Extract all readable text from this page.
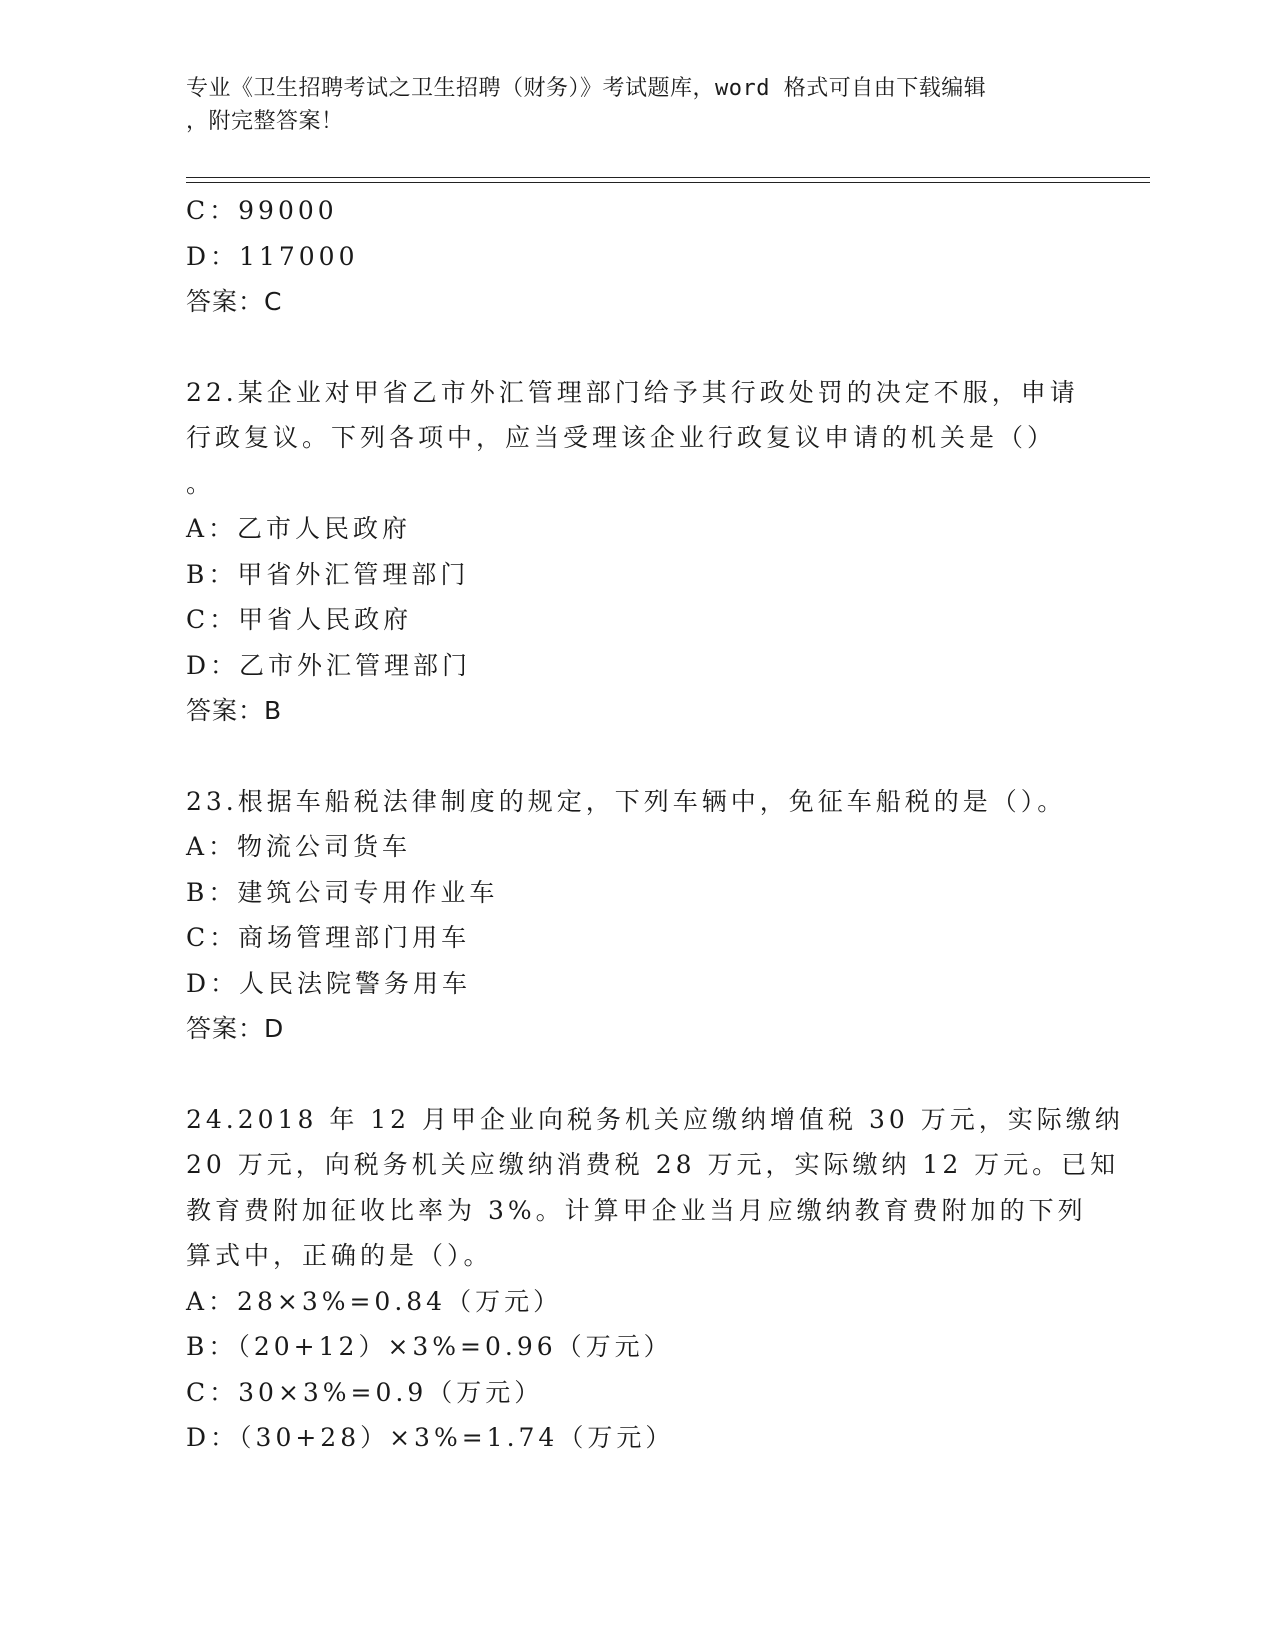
专业《卫生招聘考试之卫生招聘（财务）》考试题库，word 格式可自由下载编辑
，附完整答案！
C：99000
D：117000
答案：C
22.某企业对甲省乙市外汇管理部门给予其行政处罚的决定不服，申请
行政复议。下列各项中，应当受理该企业行政复议申请的机关是（）
。
A：乙市人民政府
B：甲省外汇管理部门
C：甲省人民政府
D：乙市外汇管理部门
答案：B
23.根据车船税法律制度的规定，下列车辆中，免征车船税的是（）。
A：物流公司货车
B：建筑公司专用作业车
C：商场管理部门用车
D：人民法院警务用车
答案：D
24.2018 年 12 月甲企业向税务机关应缴纳增值税 30 万元，实际缴纳
20 万元，向税务机关应缴纳消费税 28 万元，实际缴纳 12 万元。已知
教育费附加征收比率为 3%。计算甲企业当月应缴纳教育费附加的下列
算式中，正确的是（）。
A：28×3%=0.84（万元）
B：（20+12）×3%=0.96（万元）
C：30×3%=0.9（万元）
D：（30+28）×3%=1.74（万元）
